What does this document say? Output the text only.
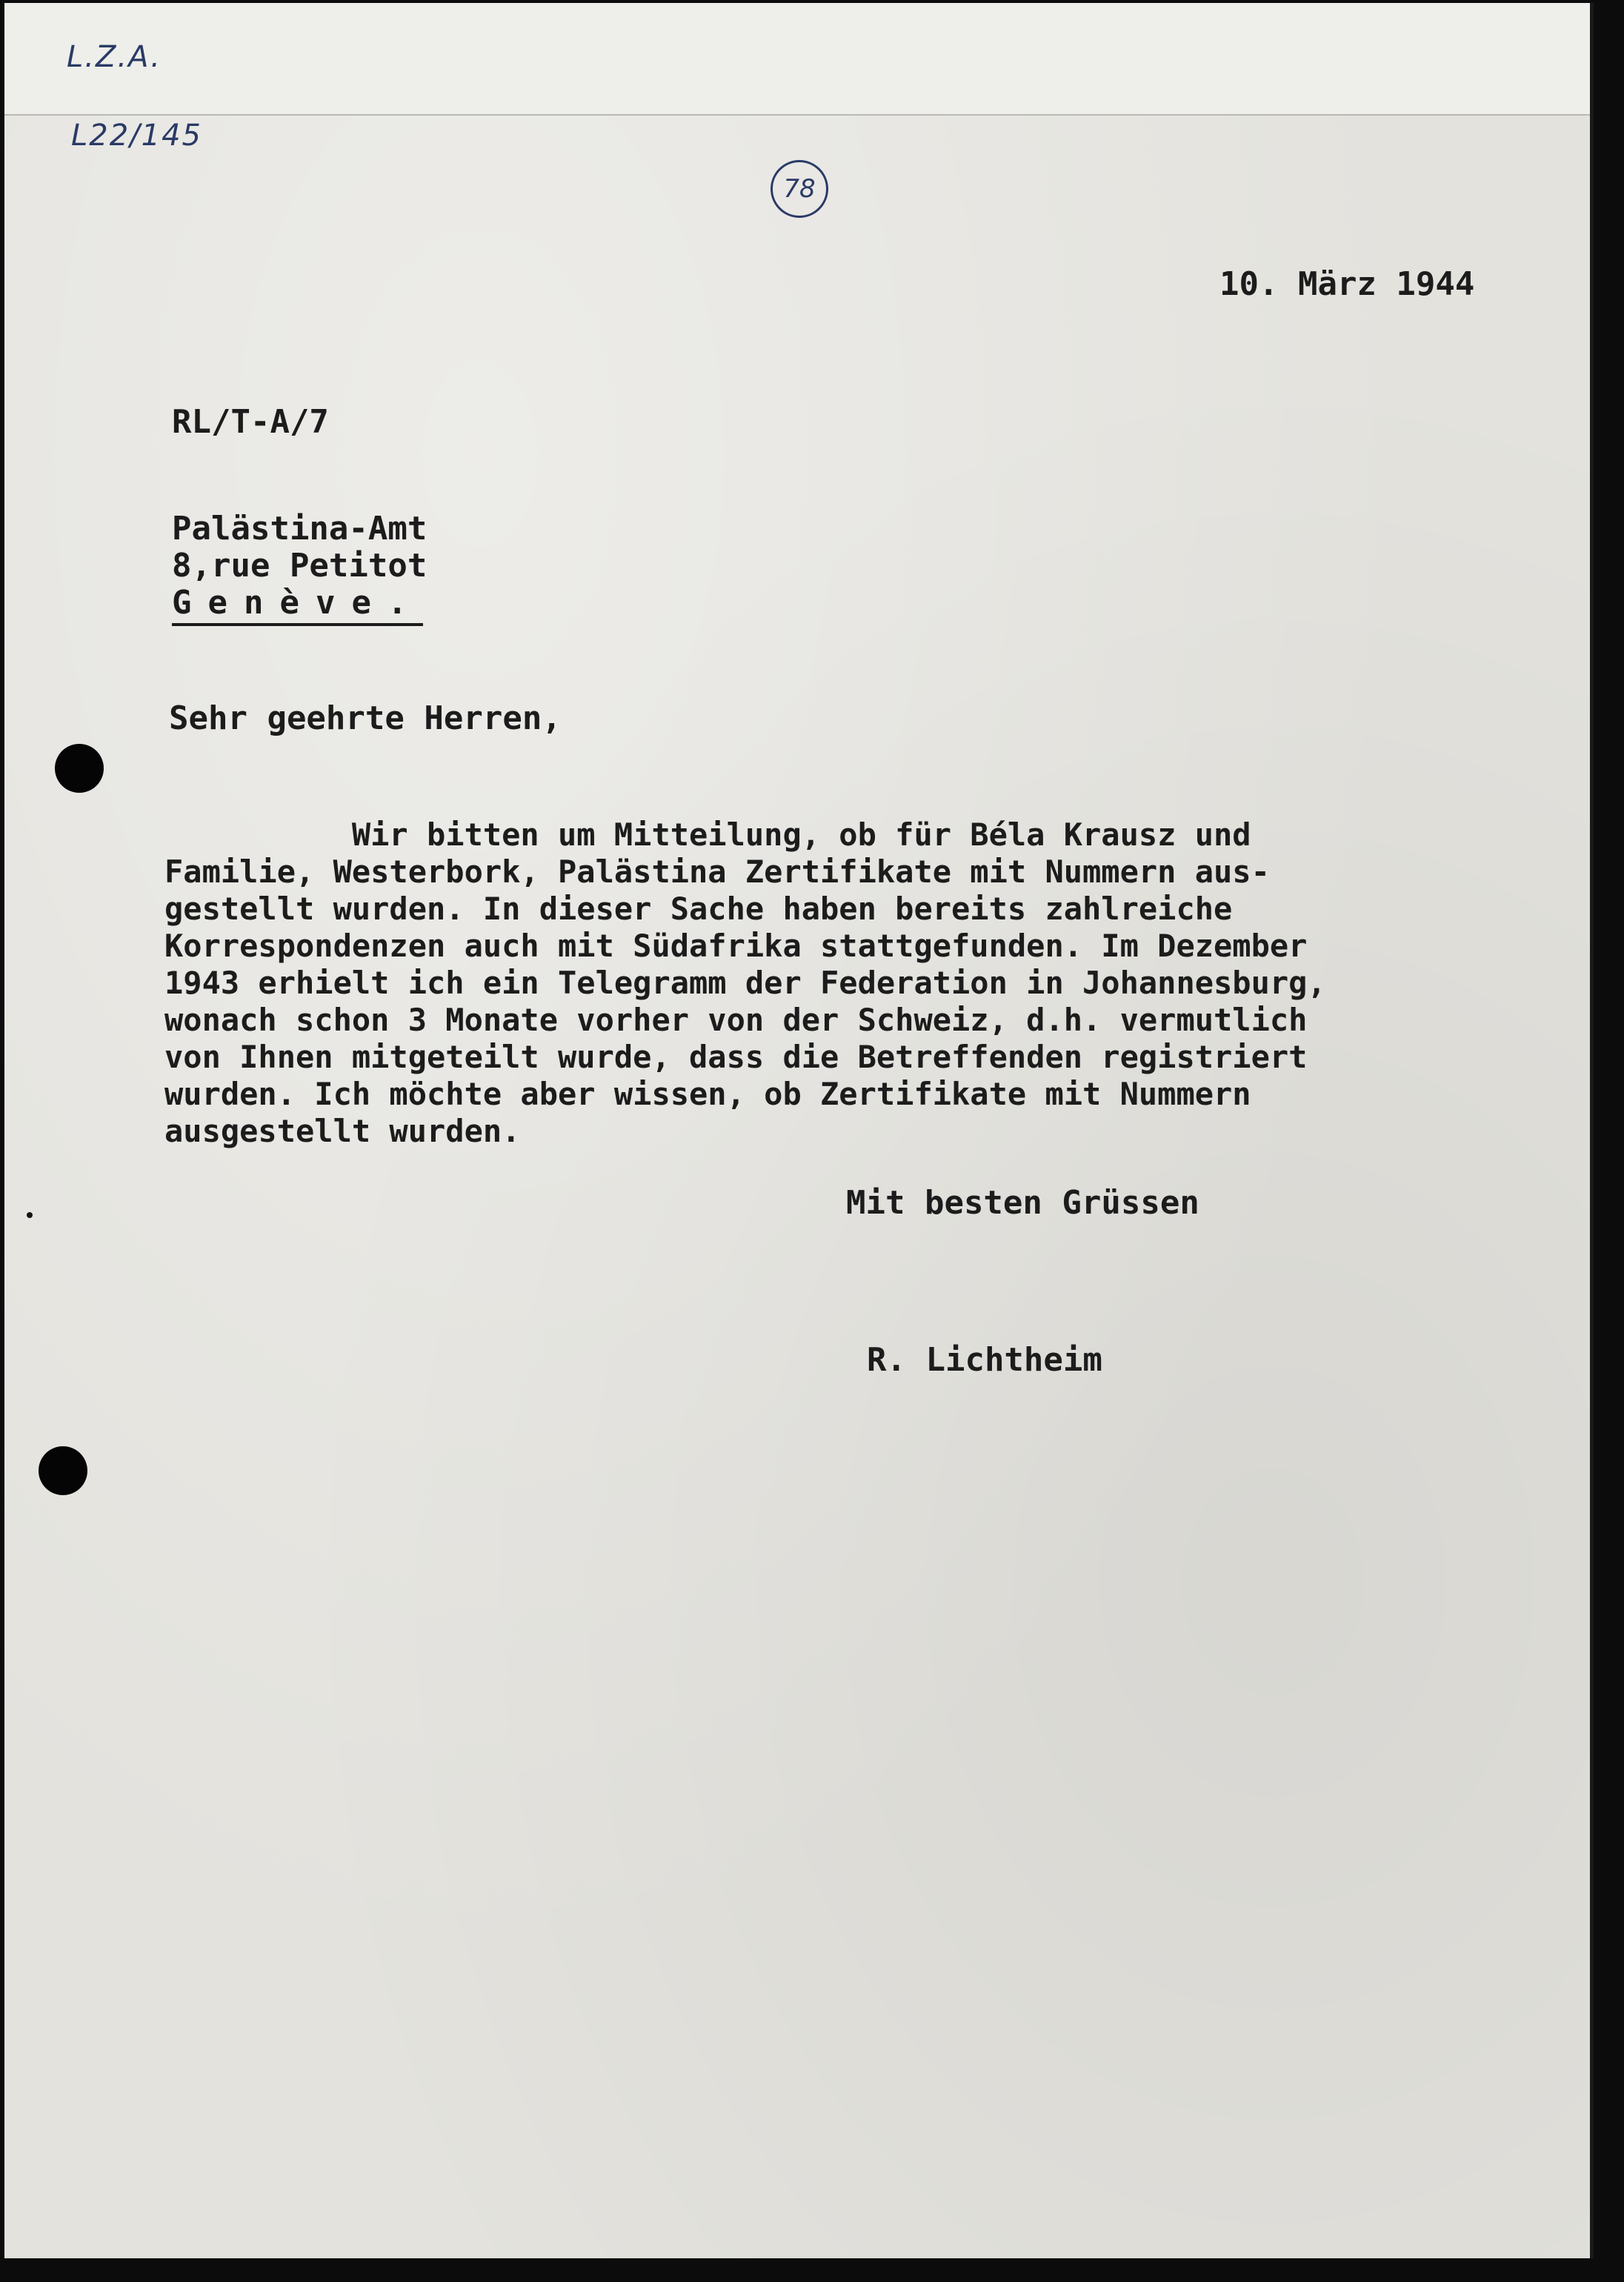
L.Z.A.
L22/145
78
10. März 1944
RL/T-A/7
Palästina-Amt
8,rue Petitot
Genève.
Sehr geehrte Herren,
Wir bitten um Mitteilung, ob für Béla Krausz und
Familie, Westerbork, Palästina Zertifikate mit Nummern aus-
gestellt wurden. In dieser Sache haben bereits zahlreiche
Korrespondenzen auch mit Südafrika stattgefunden. Im Dezember
1943 erhielt ich ein Telegramm der Federation in Johannesburg,
wonach schon 3 Monate vorher von der Schweiz, d.h. vermutlich
von Ihnen mitgeteilt wurde, dass die Betreffenden registriert
wurden. Ich möchte aber wissen, ob Zertifikate mit Nummern
ausgestellt wurden.
Mit besten Grüssen
R. Lichtheim
